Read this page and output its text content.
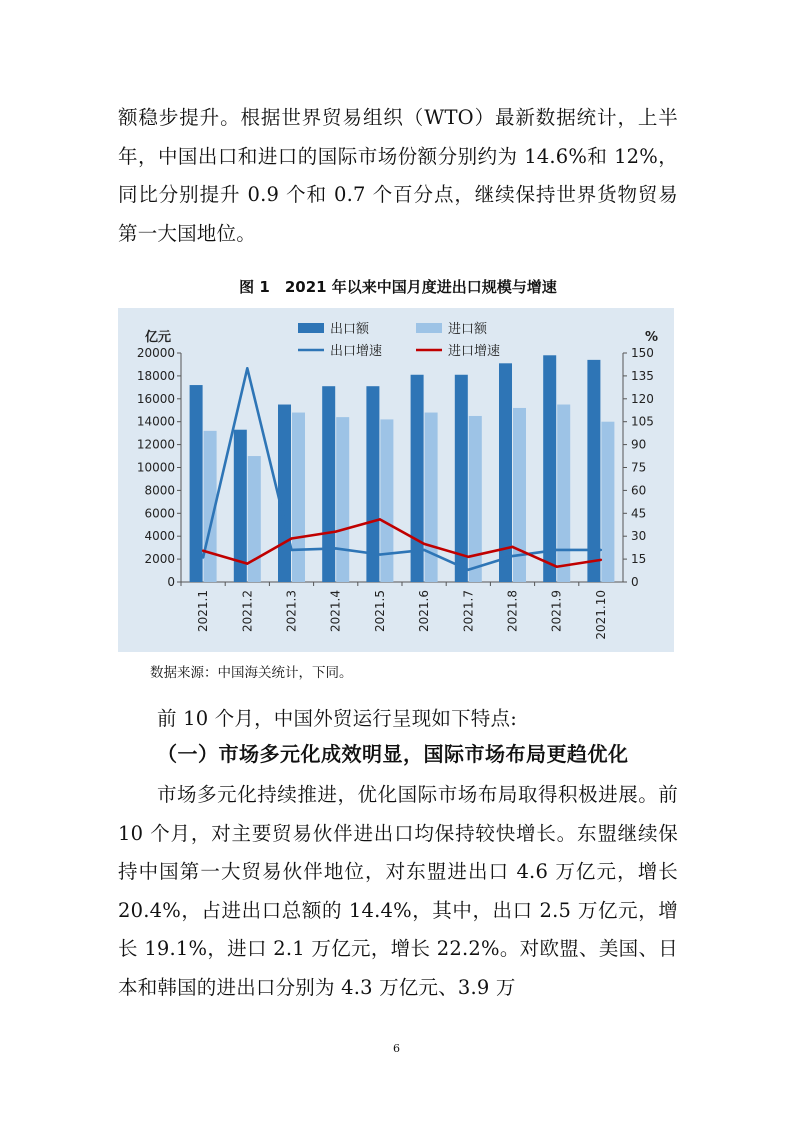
额稳步提升。根据世界贸易组织（WTO）最新数据统计，上半年，中国出口和进口的国际市场份额分别约为 14.6%和 12%，同比分别提升 0.9 个和 0.7 个百分点，继续保持世界货物贸易第一大国地位。

图 1　2021 年以来中国月度进出口规模与增速
0
2000
4000
6000
8000
10000
12000
14000
16000
18000
20000
0
15
30
45
60
75
90
105
120
135
150
亿元	%
2021.1	2021.2	2021.3	2021.4	2021.5	2021.6	2021.7	2021.8	2021.9	2021.10
出口额	进口额
出口增速	进口增速
数据来源：中国海关统计，下同。

前 10 个月，中国外贸运行呈现如下特点:

（一）市场多元化成效明显，国际市场布局更趋优化

市场多元化持续推进，优化国际市场布局取得积极进展。前 10 个月，对主要贸易伙伴进出口均保持较快增长。东盟继续保持中国第一大贸易伙伴地位，对东盟进出口 4.6 万亿元，增长 20.4%，占进出口总额的 14.4%，其中，出口 2.5 万亿元，增长 19.1%，进口 2.1 万亿元，增长 22.2%。对欧盟、美国、日本和韩国的进出口分别为 4.3 万亿元、3.9 万

6
